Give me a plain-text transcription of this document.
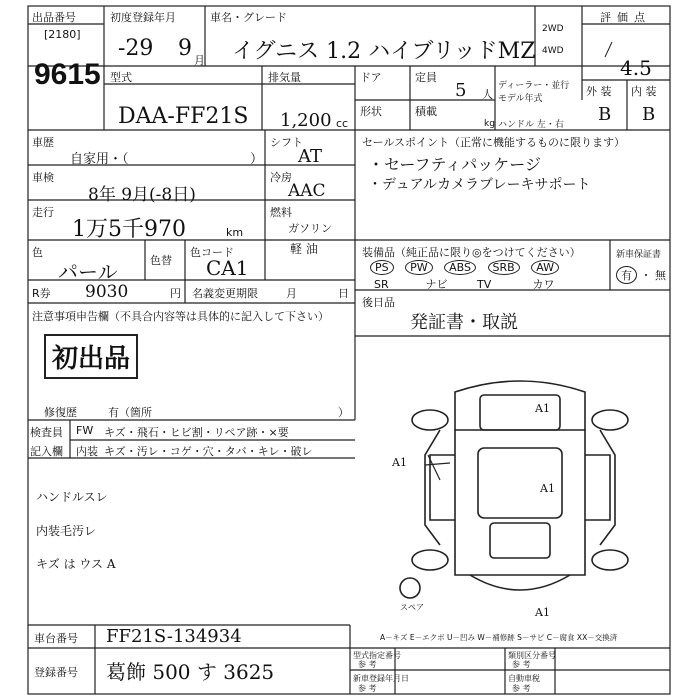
出品番号
[2180]
9615
初度登録年月
-29 9 月
車名・グレード
イグニス 1.2 ハイブリッドMZ
2WD
4WD
評価点
4.5
型式
DAA-FF21S
排気量
1,200 cc
ドア	定員
5 人
形状	積載
kg
ディーラー・並行
モデル年式
ハンドル 左・右
外 装 内 装
B B
車歴
自家用・（	）
シフト
AT
車検
8年 9月(-8日)
冷房
AAC
走行
1万5千970	km
燃料
ガソリン
軽 油
色
パール	色替
色コード
CA1
R券 9030	円 名義変更期限	月	日
セールスポイント（正常に機能するものに限ります）
・セーフティパッケージ
・デュアルカメラブレーキサポート
装備品（純正品に限り◎をつけてください）
PS PW ABS SRB AW
SR	ナビ	TV	カワ
新車保証書
有 ・ 無
後日品
発証書・取説
注意事項申告欄（不具合内容等は具体的に記入して下さい）
初出品
修復歴	有（箇所	）
検査員
記入欄
FW キズ・飛石・ヒビ割・リペア跡・×要
内装 キズ・汚レ・コゲ・穴・タバ・キレ・破レ
ハンドルスレ
内装毛汚レ
キズ は ウス A
A1
A1
A1
A1
スペア
車台番号 FF21S-134934
登録番号 葛飾 500 す 3625
A－キズ E－エクボ U－凹み W－補修跡 S－サビ C－腐食 XX－交換済
型式指定番号
参 考
類別区分番号
参 考
新車登録年月日
参 考
自動車税
参 考
